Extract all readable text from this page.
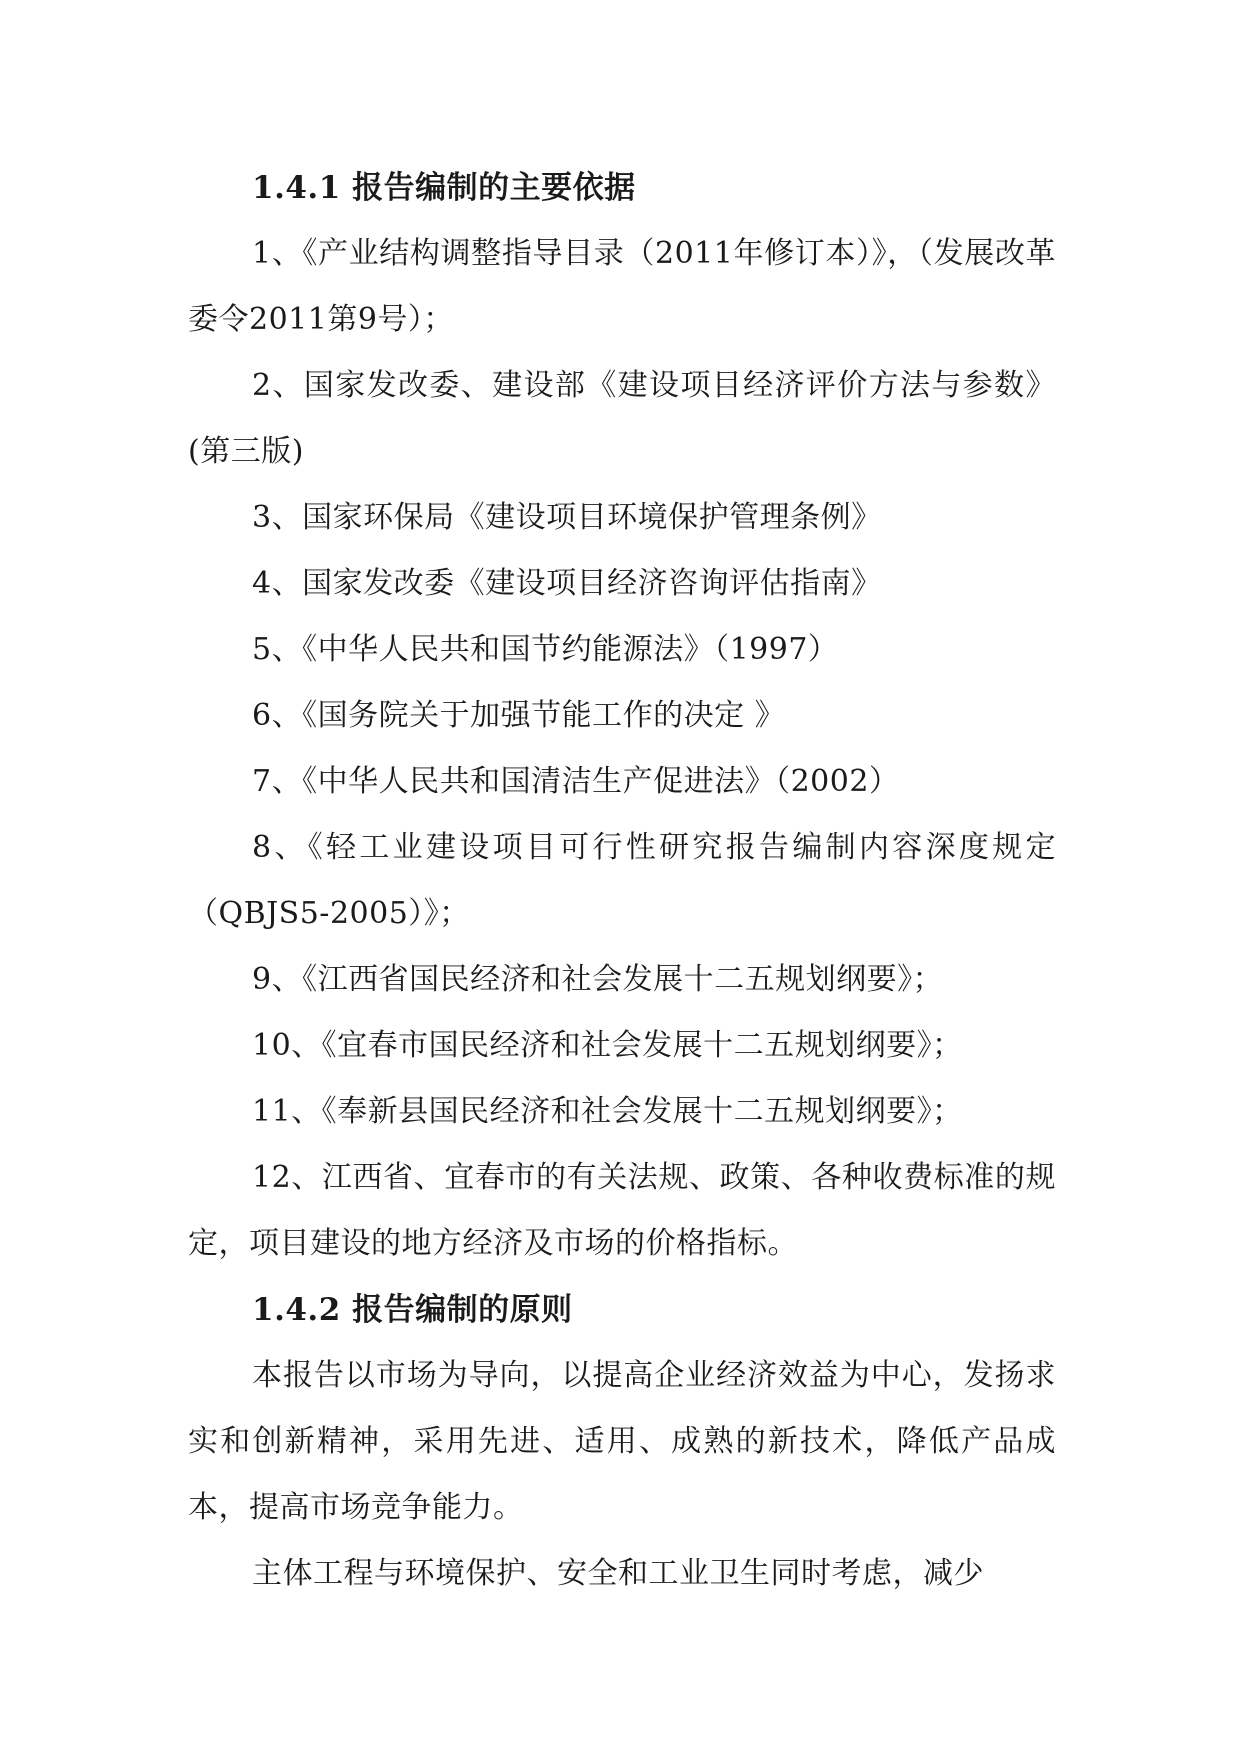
1.4.1 报告编制的主要依据

1、《产业结构调整指导目录（2011年修订本）》，（发展改革委令2011第9号）；

2、国家发改委、建设部《建设项目经济评价方法与参数》(第三版)

3、国家环保局《建设项目环境保护管理条例》

4、国家发改委《建设项目经济咨询评估指南》

5、《中华人民共和国节约能源法》（1997）

6、《国务院关于加强节能工作的决定 》

7、《中华人民共和国清洁生产促进法》（2002）

8、《轻工业建设项目可行性研究报告编制内容深度规定（QBJS5-2005）》；

9、《江西省国民经济和社会发展十二五规划纲要》；

10、《宜春市国民经济和社会发展十二五规划纲要》；

11、《奉新县国民经济和社会发展十二五规划纲要》；

12、江西省、宜春市的有关法规、政策、各种收费标准的规定，项目建设的地方经济及市场的价格指标。

1.4.2 报告编制的原则

本报告以市场为导向，以提高企业经济效益为中心，发扬求实和创新精神，采用先进、适用、成熟的新技术，降低产品成本，提高市场竞争能力。

主体工程与环境保护、安全和工业卫生同时考虑，减少
